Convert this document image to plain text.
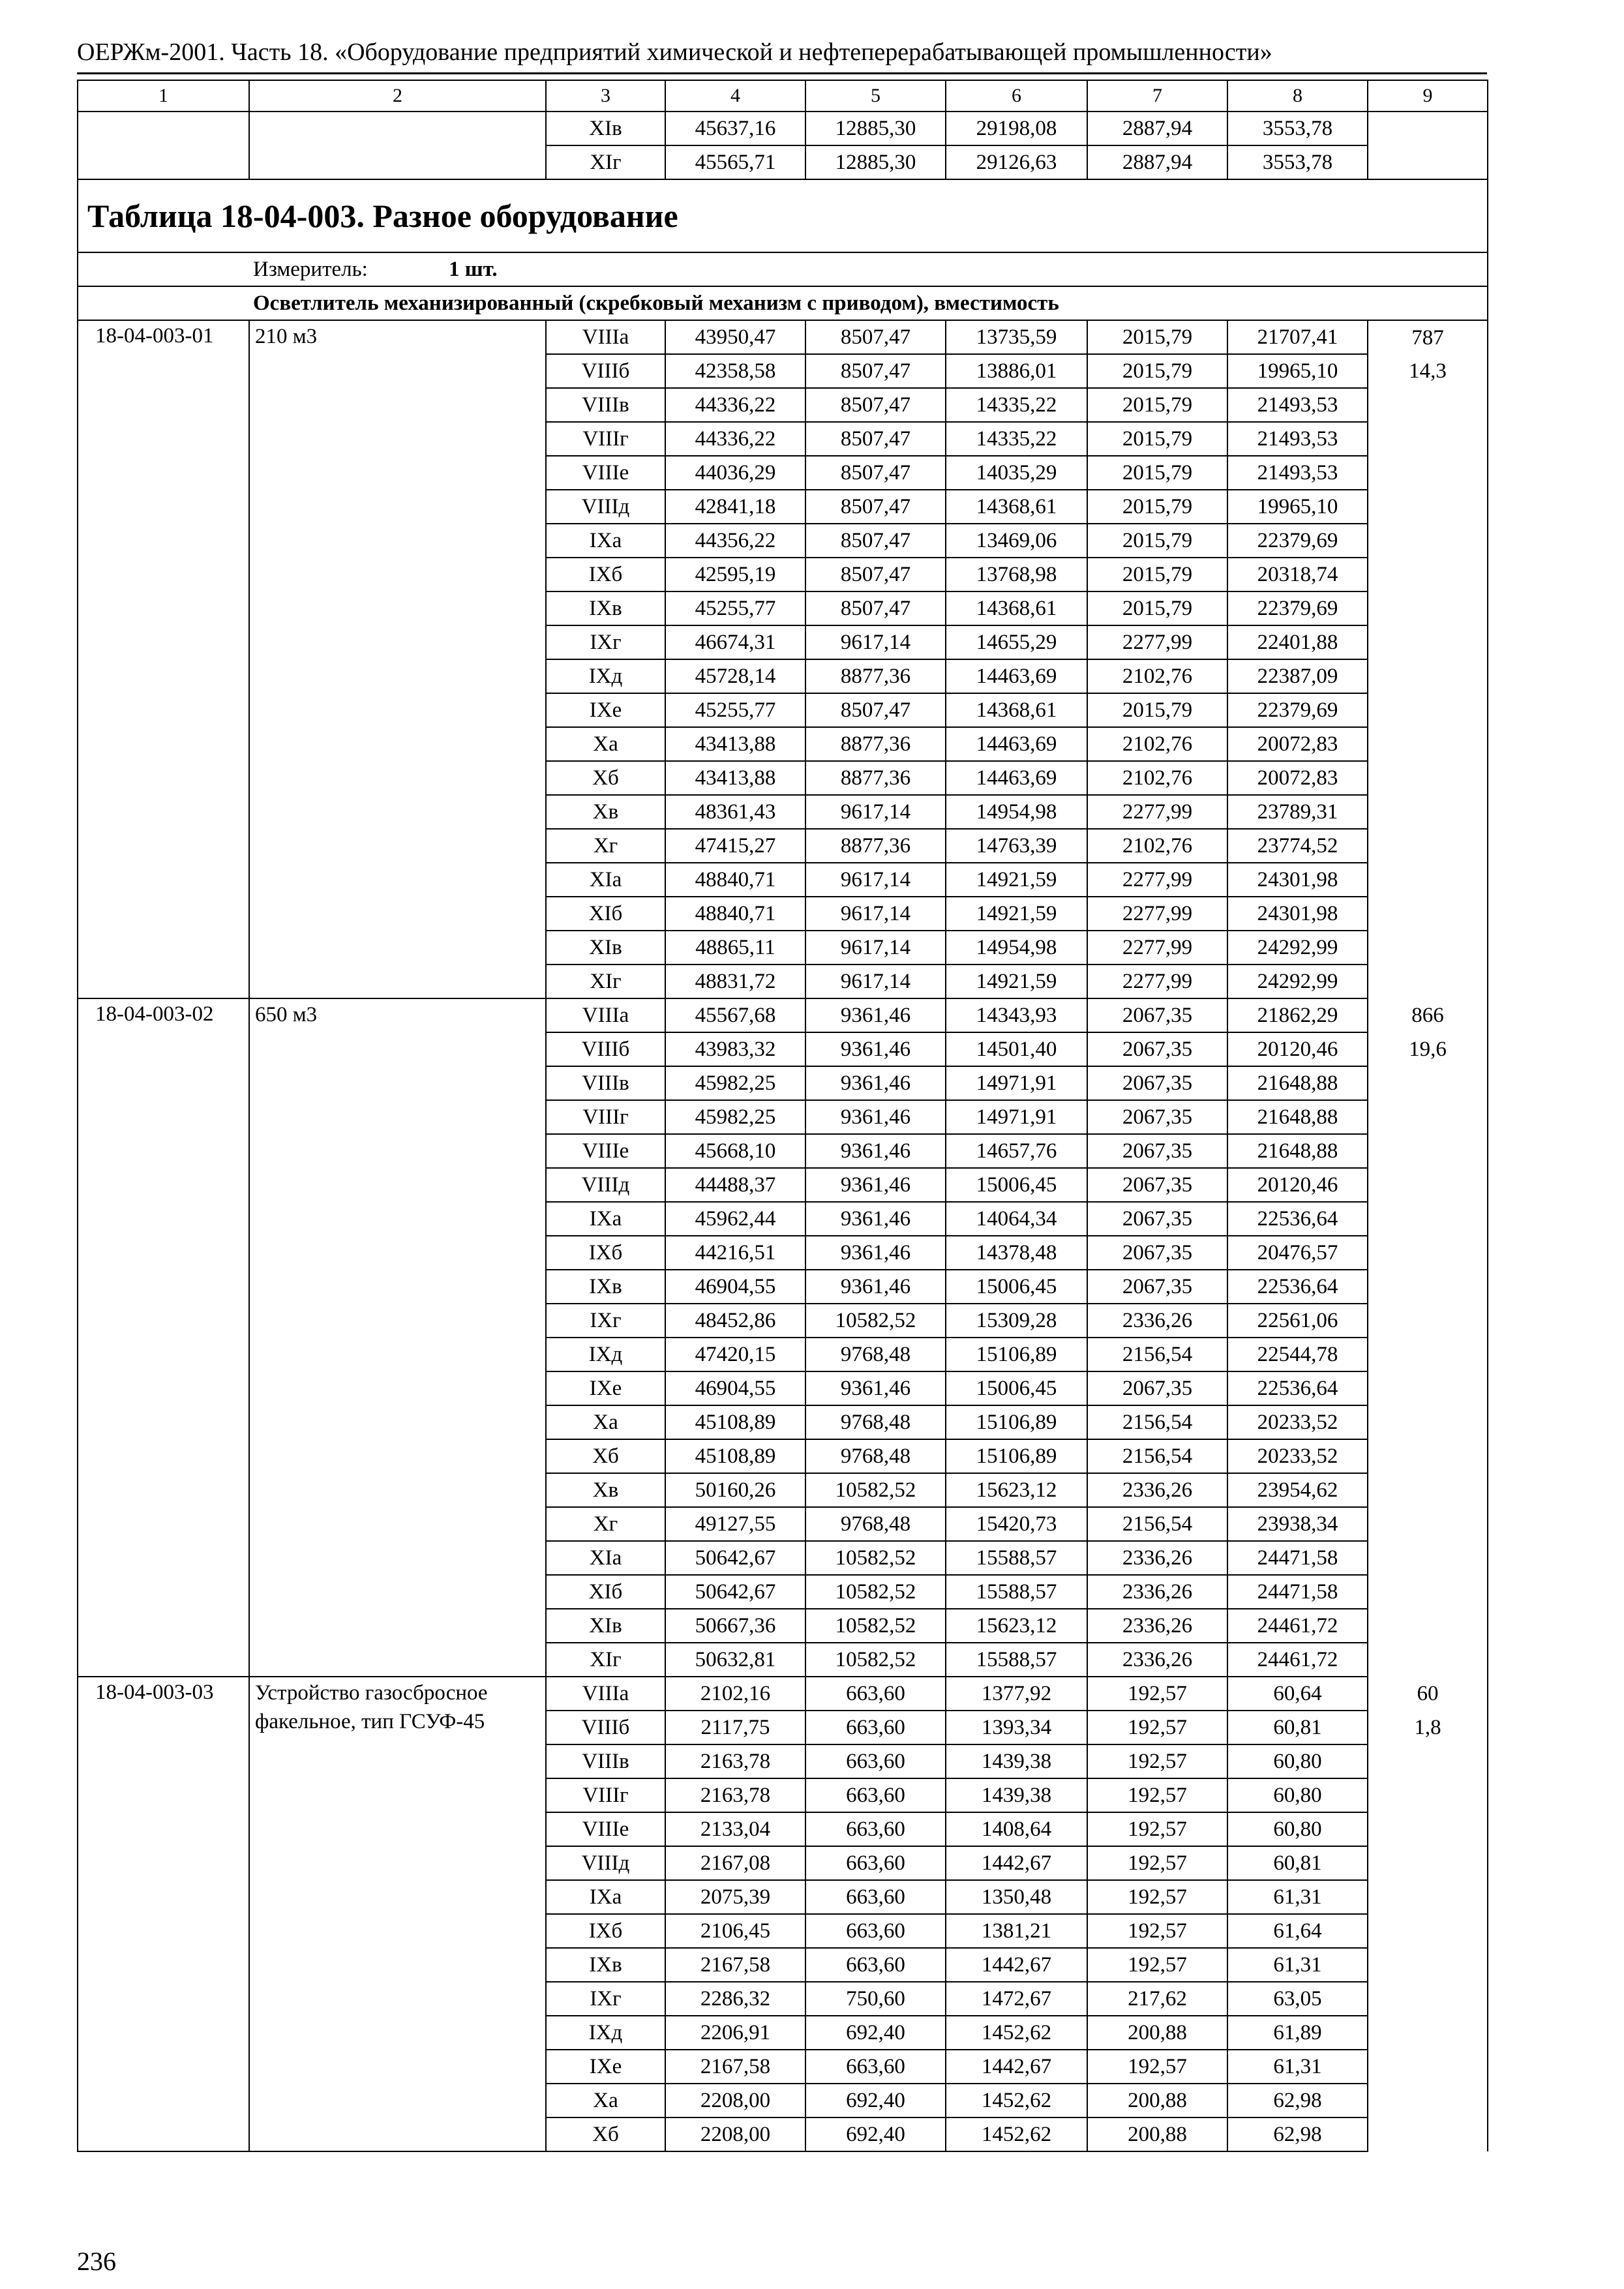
ОЕРЖм-2001. Часть 18. «Оборудование предприятий химической и нефтеперерабатывающей промышленности»
1	2	3	4	5	6	7	8	9
		XIв	45637,16	12885,30	29198,08	2887,94	3553,78	
		XIг	45565,71	12885,30	29126,63	2887,94	3553,78	
Таблица 18-04-003. Разное оборудование								
Измеритель: 1 шт.								
Осветлитель механизированный (скребковый механизм с приводом), вместимость								
18-04-003-01	210 м3	VIIIa	43950,47	8507,47	13735,59	2015,79	21707,41	787
		VIIIб	42358,58	8507,47	13886,01	2015,79	19965,10	14,3
		VIIIв	44336,22	8507,47	14335,22	2015,79	21493,53	
		VIIIг	44336,22	8507,47	14335,22	2015,79	21493,53	
		VIIIe	44036,29	8507,47	14035,29	2015,79	21493,53	
		VIIIд	42841,18	8507,47	14368,61	2015,79	19965,10	
		IXa	44356,22	8507,47	13469,06	2015,79	22379,69	
		IXб	42595,19	8507,47	13768,98	2015,79	20318,74	
		IXв	45255,77	8507,47	14368,61	2015,79	22379,69	
		IXг	46674,31	9617,14	14655,29	2277,99	22401,88	
		IXд	45728,14	8877,36	14463,69	2102,76	22387,09	
		IXe	45255,77	8507,47	14368,61	2015,79	22379,69	
		Xa	43413,88	8877,36	14463,69	2102,76	20072,83	
		Xб	43413,88	8877,36	14463,69	2102,76	20072,83	
		Xв	48361,43	9617,14	14954,98	2277,99	23789,31	
		Xг	47415,27	8877,36	14763,39	2102,76	23774,52	
		XIa	48840,71	9617,14	14921,59	2277,99	24301,98	
		XIб	48840,71	9617,14	14921,59	2277,99	24301,98	
		XIв	48865,11	9617,14	14954,98	2277,99	24292,99	
		XIг	48831,72	9617,14	14921,59	2277,99	24292,99	
18-04-003-02	650 м3	VIIIa	45567,68	9361,46	14343,93	2067,35	21862,29	866
		VIIIб	43983,32	9361,46	14501,40	2067,35	20120,46	19,6
		VIIIв	45982,25	9361,46	14971,91	2067,35	21648,88	
		VIIIг	45982,25	9361,46	14971,91	2067,35	21648,88	
		VIIIe	45668,10	9361,46	14657,76	2067,35	21648,88	
		VIIIд	44488,37	9361,46	15006,45	2067,35	20120,46	
		IXa	45962,44	9361,46	14064,34	2067,35	22536,64	
		IXб	44216,51	9361,46	14378,48	2067,35	20476,57	
		IXв	46904,55	9361,46	15006,45	2067,35	22536,64	
		IXг	48452,86	10582,52	15309,28	2336,26	22561,06	
		IXд	47420,15	9768,48	15106,89	2156,54	22544,78	
		IXe	46904,55	9361,46	15006,45	2067,35	22536,64	
		Xa	45108,89	9768,48	15106,89	2156,54	20233,52	
		Xб	45108,89	9768,48	15106,89	2156,54	20233,52	
		Xв	50160,26	10582,52	15623,12	2336,26	23954,62	
		Xг	49127,55	9768,48	15420,73	2156,54	23938,34	
		XIa	50642,67	10582,52	15588,57	2336,26	24471,58	
		XIб	50642,67	10582,52	15588,57	2336,26	24471,58	
		XIв	50667,36	10582,52	15623,12	2336,26	24461,72	
		XIг	50632,81	10582,52	15588,57	2336,26	24461,72	
18-04-003-03	Устройство газосбросное факельное, тип ГСУФ-45	VIIIa	2102,16	663,60	1377,92	192,57	60,64	60
		VIIIб	2117,75	663,60	1393,34	192,57	60,81	1,8
		VIIIв	2163,78	663,60	1439,38	192,57	60,80	
		VIIIг	2163,78	663,60	1439,38	192,57	60,80	
		VIIIe	2133,04	663,60	1408,64	192,57	60,80	
		VIIIд	2167,08	663,60	1442,67	192,57	60,81	
		IXa	2075,39	663,60	1350,48	192,57	61,31	
		IXб	2106,45	663,60	1381,21	192,57	61,64	
		IXв	2167,58	663,60	1442,67	192,57	61,31	
		IXг	2286,32	750,60	1472,67	217,62	63,05	
		IXд	2206,91	692,40	1452,62	200,88	61,89	
		IXe	2167,58	663,60	1442,67	192,57	61,31	
		Xa	2208,00	692,40	1452,62	200,88	62,98	
		Xб	2208,00	692,40	1452,62	200,88	62,98	
236
